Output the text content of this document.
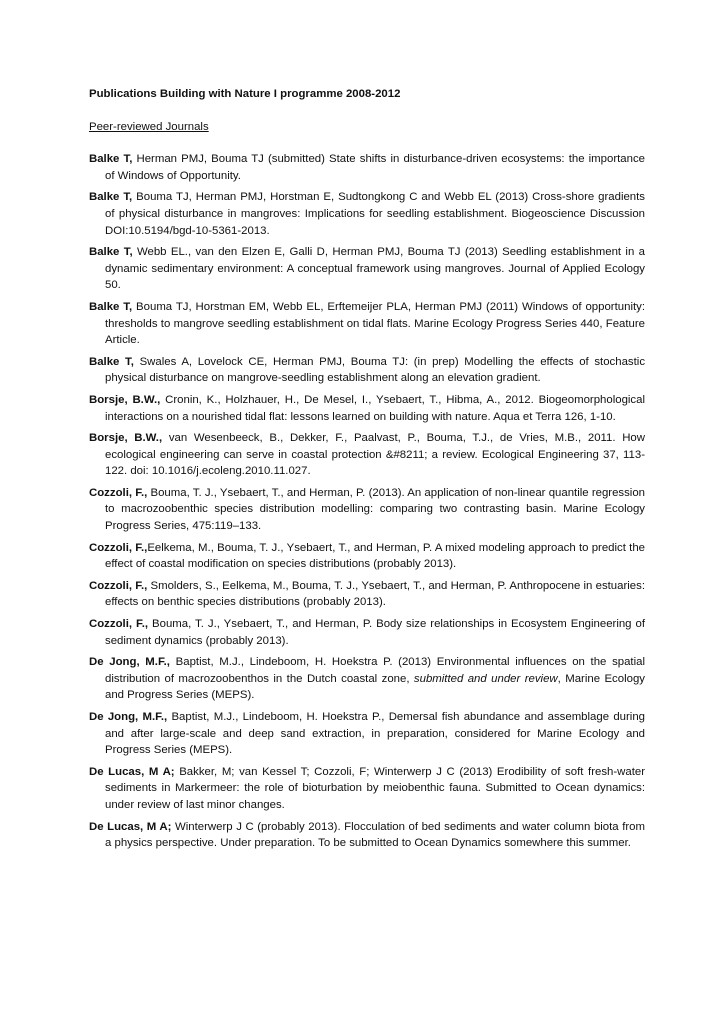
Publications Building with Nature I programme 2008-2012
Peer-reviewed Journals
Balke T, Herman PMJ, Bouma TJ (submitted) State shifts in disturbance-driven ecosystems: the importance of Windows of Opportunity.
Balke T, Bouma TJ, Herman PMJ, Horstman E, Sudtongkong C and Webb EL (2013) Cross-shore gradients of physical disturbance in mangroves: Implications for seedling establishment. Biogeoscience Discussion DOI:10.5194/bgd-10-5361-2013.
Balke T, Webb EL., van den Elzen E, Galli D, Herman PMJ, Bouma TJ (2013) Seedling establishment in a dynamic sedimentary environment: A conceptual framework using mangroves. Journal of Applied Ecology 50.
Balke T, Bouma TJ, Horstman EM, Webb EL, Erftemeijer PLA, Herman PMJ (2011) Windows of opportunity: thresholds to mangrove seedling establishment on tidal flats. Marine Ecology Progress Series 440, Feature Article.
Balke T, Swales A, Lovelock CE, Herman PMJ, Bouma TJ: (in prep) Modelling the effects of stochastic physical disturbance on mangrove-seedling establishment along an elevation gradient.
Borsje, B.W., Cronin, K., Holzhauer, H., De Mesel, I., Ysebaert, T., Hibma, A., 2012. Biogeomorphological interactions on a nourished tidal flat: lessons learned on building with nature. Aqua et Terra 126, 1-10.
Borsje, B.W., van Wesenbeeck, B., Dekker, F., Paalvast, P., Bouma, T.J., de Vries, M.B., 2011. How ecological engineering can serve in coastal protection &#8211; a review. Ecological Engineering 37, 113-122. doi: 10.1016/j.ecoleng.2010.11.027.
Cozzoli, F., Bouma, T. J., Ysebaert, T., and Herman, P. (2013). An application of non-linear quantile regression to macrozoobenthic species distribution modelling: comparing two contrasting basin. Marine Ecology Progress Series, 475:119–133.
Cozzoli, F.,Eelkema, M., Bouma, T. J., Ysebaert, T., and Herman, P. A mixed modeling approach to predict the effect of coastal modification on species distributions (probably 2013).
Cozzoli, F., Smolders, S., Eelkema, M., Bouma, T. J., Ysebaert, T., and Herman, P. Anthropocene in estuaries: effects on benthic species distributions (probably 2013).
Cozzoli, F., Bouma, T. J., Ysebaert, T., and Herman, P. Body size relationships in Ecosystem Engineering of sediment dynamics (probably 2013).
De Jong, M.F., Baptist, M.J., Lindeboom, H. Hoekstra P. (2013) Environmental influences on the spatial distribution of macrozoobenthos in the Dutch coastal zone, submitted and under review, Marine Ecology and Progress Series (MEPS).
De Jong, M.F., Baptist, M.J., Lindeboom, H. Hoekstra P., Demersal fish abundance and assemblage during and after large-scale and deep sand extraction, in preparation, considered for Marine Ecology and Progress Series (MEPS).
De Lucas, M A; Bakker, M; van Kessel T; Cozzoli, F; Winterwerp J C (2013) Erodibility of soft fresh-water sediments in Markermeer: the role of bioturbation by meiobenthic fauna. Submitted to Ocean dynamics: under review of last minor changes.
De Lucas, M A; Winterwerp J C (probably 2013). Flocculation of bed sediments and water column biota from a physics perspective. Under preparation. To be submitted to Ocean Dynamics somewhere this summer.
